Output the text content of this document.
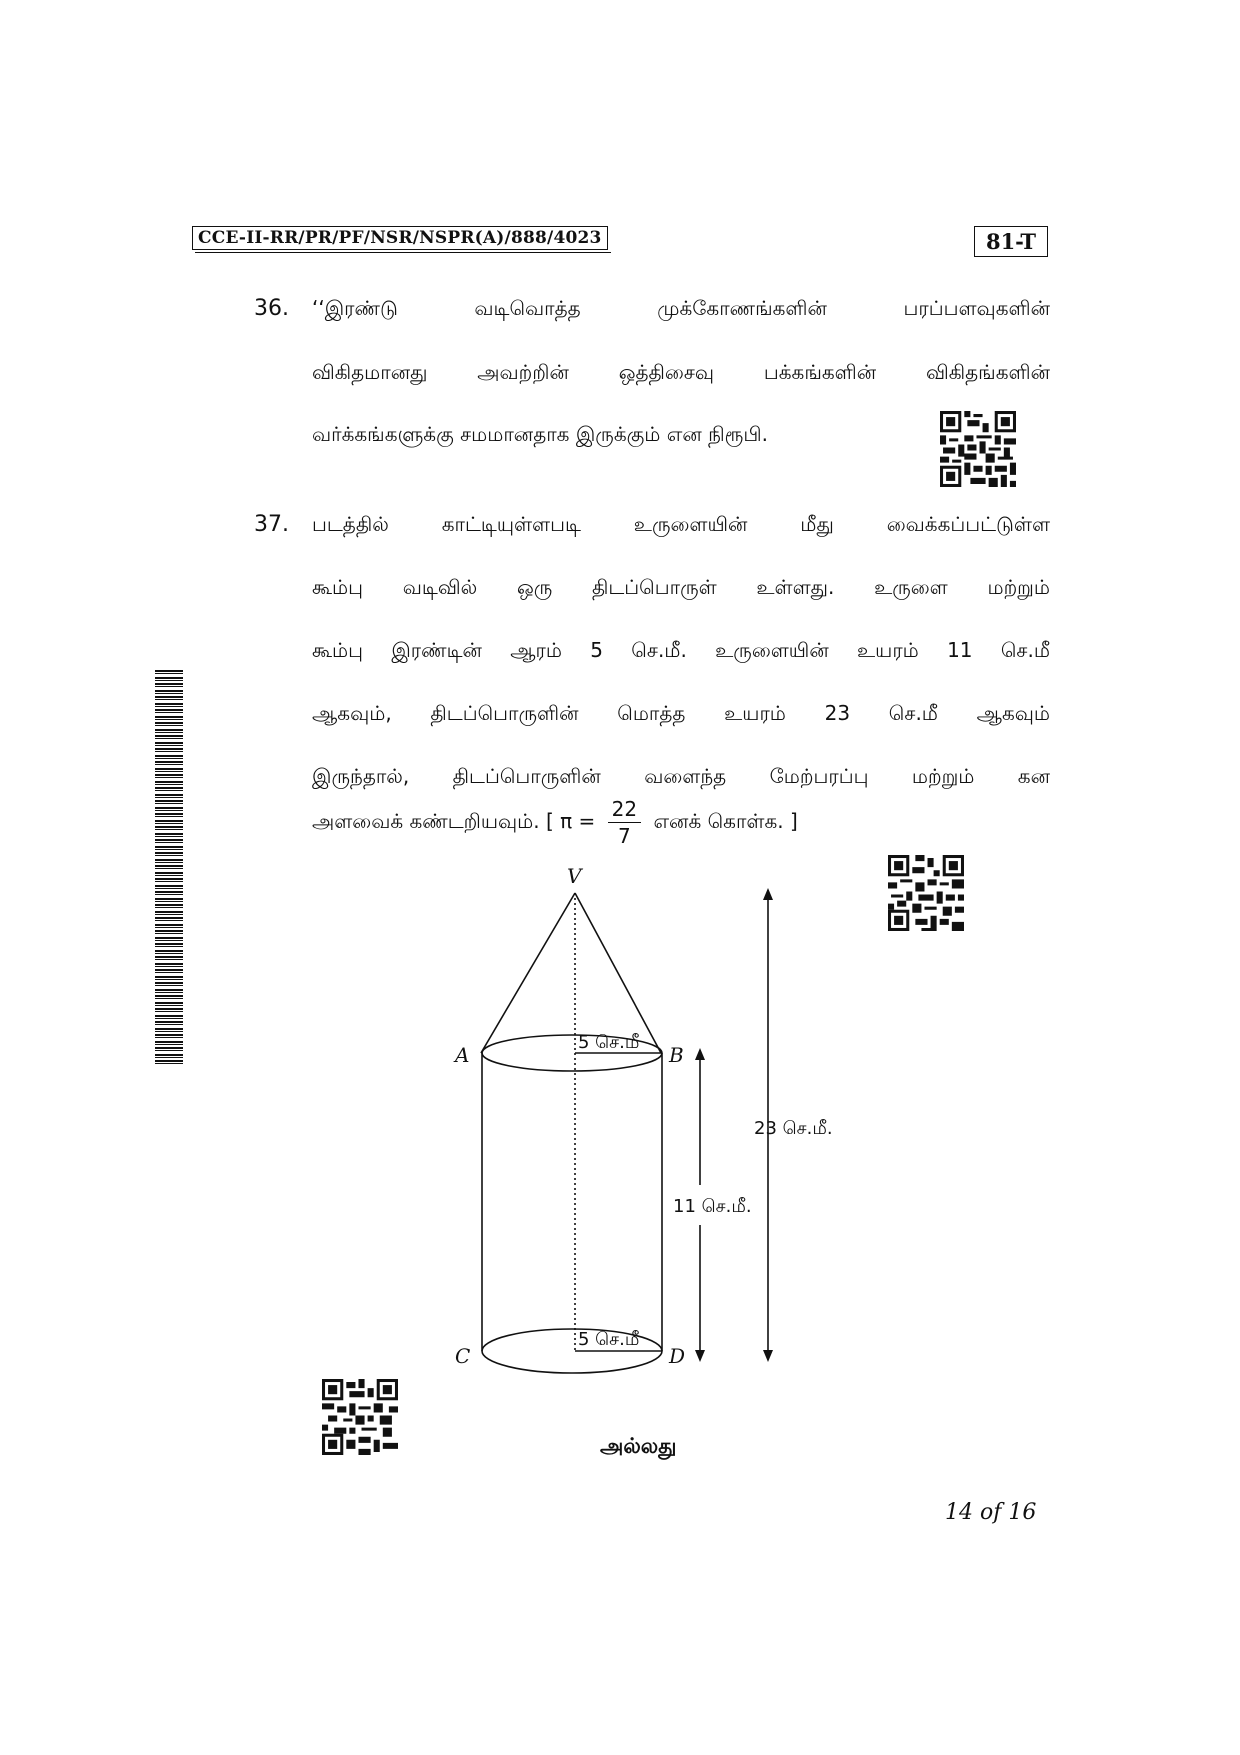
CCE-II-RR/PR/PF/NSR/NSPR(A)/888/4023	81-T
36. ‘‘இரண்டு வடிவொத்த முக்கோணங்களின் பரப்பளவுகளின்
விகிதமானது அவற்றின் ஒத்திசைவு பக்கங்களின் விகிதங்களின்
வர்க்கங்களுக்கு சமமானதாக இருக்கும் என நிரூபி.
37. படத்தில் காட்டியுள்ளபடி உருளையின் மீது வைக்கப்பட்டுள்ள
கூம்பு வடிவில் ஒரு திடப்பொருள் உள்ளது. உருளை மற்றும்
கூம்பு இரண்டின் ஆரம் 5 செ.மீ. உருளையின் உயரம் 11 செ.மீ
ஆகவும், திடப்பொருளின் மொத்த உயரம் 23 செ.மீ ஆகவும்
இருந்தால், திடப்பொருளின் வளைந்த மேற்பரப்பு மற்றும் கன
அளவைக் கண்டறியவும். [ $\pi = \frac{22}{7}$ எனக் கொள்க. ]
V
A	B
C	D
5 செ.மீ
5 செ.மீ
11 செ.மீ.
23 செ.மீ.
அல்லது
14 of 16
